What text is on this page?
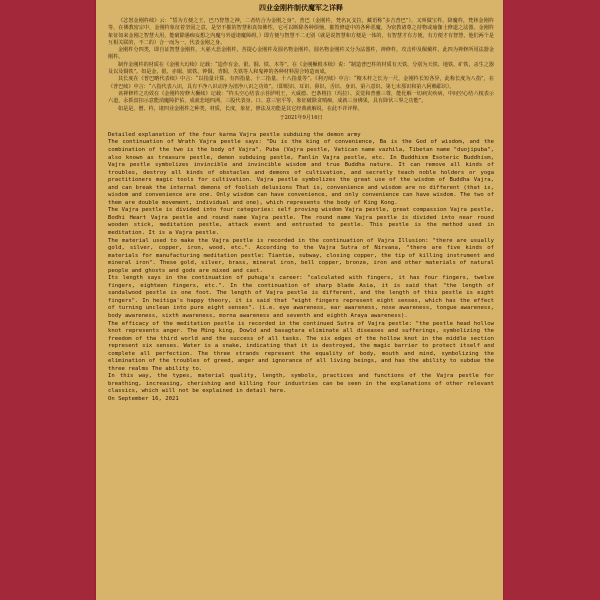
四业金刚杵制伏魔军之详释

《忿怒金刚杵续》云：“誓为方便之王，巴乃智慧之神，二者结合为金刚之身”。普巴（金刚杵，梵名瓦支拉，藏语称“多吉普巴”），又叫做宝杵、降魔杵，梵林金刚杵等，在佛教密宗中，金刚杵象征着坚固之意，是坚不摧的智慧和真如佛性，它可以断除各种烦恼，摧毁修道中的各种恶魔，为密教诸尊之持物或瑜伽士修道之法器。金刚杵象征如来金刚之智慧大用，能破除愚痴妄想之内魔与外道诸魔障碍。）即方便与智慧不二无别（就是说智慧和方便是一体的，有智慧才有方便，有方便才有智慧，他们两个是互相关联的，不二的）合一而为一，代表金刚之身。

金刚杵分四类，即自证智慧金刚杵，大慈大悲金刚杵，菩提心金刚杵及圆名物金刚杵，圆名物金刚杵又分为法器杵，禅修杵，攻击仲及佩戴杵，此四为禅修所用法器金刚杵。

制作金刚杵的材质在《金刚大幻续》记载：“造作有金、银、铜、铁、木等”。在《金刚橛根本续》说：“制造普巴杵的材质有天铁，分别为天铁、地铁、矿铁，杀生之器及以及铜铁”。如是金、银、赤铜、镔铁、钟铜、青铜、失铁等人和鬼神的各种材料混合铸造而成。

其长度在《普巴略代表续》中言：“以指量计算，有四指量、十二指量、十八指量等”。《利刃续》中言：“檀木杆之长为一尺，金刚杵长短各异，此称长度为八指”，在《普巴续》中言：“八指代表八识，具有不净八识动净为清净八识之功效”。（即眼识、耳识、鼻识、舌识、身识、第六意识、第七末那识和第八阿赖耶识）。

该禅修杵之功效在《金刚杵密修大橛续》记载：“杵头空心结表示菩萨明王，大威德、巴条格拉（玛拉）、贡觉和普雅三尊，能化解一切病灾疾病，中间空心结六棱表示六道，永抓盘扣示意能消魔障护佑，成就悲地四洲，三股代表身、口、意三密平等，象征破除贪嗔痴，成就三身佛果，具有降伏三界之功能”。

如是是，僧、杵，诸四业金刚杵之种类，材质，长度，象征，修法及功能是其它经典就解说，在此不详评释。

于2021年9月16日

Detailed explanation of the four karma Vajra pestle subduing the demon army

The continuation of Wrath Vajra pestle says: "Du is the king of convenience, Ba is the God of wisdom, and the combination of the two is the body of Vajra". Puba (Vajra pestle, Vatican name vazhila, Tibetan name "duojipuba", also known as treasure pestle, demon subduing pestle, Fanlin Vajra pestle, etc. In Buddhism Esoteric Buddhism, Vajra pestle symbolizes invincible and invincible wisdom and true Buddha nature. It can remove all kinds of troubles, destroy all kinds of obstacles and demons of cultivation, and secretly teach noble holders or yoga practitioners magic tools for cultivation. Vajra pestle symbolizes the great use of the wisdom of Buddha Vajra, and can break the internal demons of foolish delusions That is, convenience and wisdom are no different (that is, wisdom and convenience are one. Only wisdom can have convenience, and only convenience can have wisdom. The two of them are double movement, individual and one), which represents the body of King Kong.

The Vajra pestle is divided into four categories: self proving wisdom Vajra pestle, great compassion Vajra pestle, Bodhi Heart Vajra pestle and round name Vajra pestle. The round name Vajra pestle is divided into near round wooden stick, meditation pestle, attack event and entrusted to pestle. This pestle is the method used in meditation. It is a Vajra pestle.

The material used to make the Vajra pestle is recorded in the continuation of Vajra Illusion: "there are usually gold, silver, copper, iron, wood, etc.". According to the Vajra Sutra of Nirvana, "there are five kinds of materials for manufacturing meditation pestle: Tiantie, subway, closing copper, the tip of killing instrument and mineral iron". These gold, silver, brass, mineral iron, bell copper, bronze, iron and other materials of natural people and ghosts and gods are mixed and cast.

Its length says in the continuation of puhuga's career: "calculated with fingers, it has four fingers, twelve fingers, eighteen fingers, etc.". In the continuation of sharp blade Asia, it is said that "the length of sandalwood pestle is one foot. The length of Vajra pestle is different, and the length of this pestle is eight fingers". In heitiga's happy theory, it is said that "eight fingers represent eight senses, which has the effect of turning unclean into pure eight senses". (i.e. eye awareness, ear awareness, nose awareness, tongue awareness, body awareness, sixth awareness, morna awareness and seventh and eighth Araya awareness).

The efficacy of the meditation pestle is recorded in the continued Sutra of Vajra pestle: "the pestle head hollow knot represents anger. The Ming king, Dowld and basagtara eliminate all diseases and sufferings, symbolizing the freedom of the third world and the success of all tasks. The six edges of the hollow knot in the middle section represent six senses. Water is a snake, indicating that it is destroyed, the magic barrier to protect itself and complete all perfection. The three strands represent the equality of body, mouth and mind, symbolizing the elimination of the troubles of greed, anger and ignorance of all living beings, and has the ability to subdue the three realms The ability to.

In this way, the types, material quality, length, symbols, practices and functions of the Vajra pestle for breathing, increasing, cherishing and killing four industries can be seen in the explanations of other relevant classics, which will not be explained in detail here.

On September 16, 2021
